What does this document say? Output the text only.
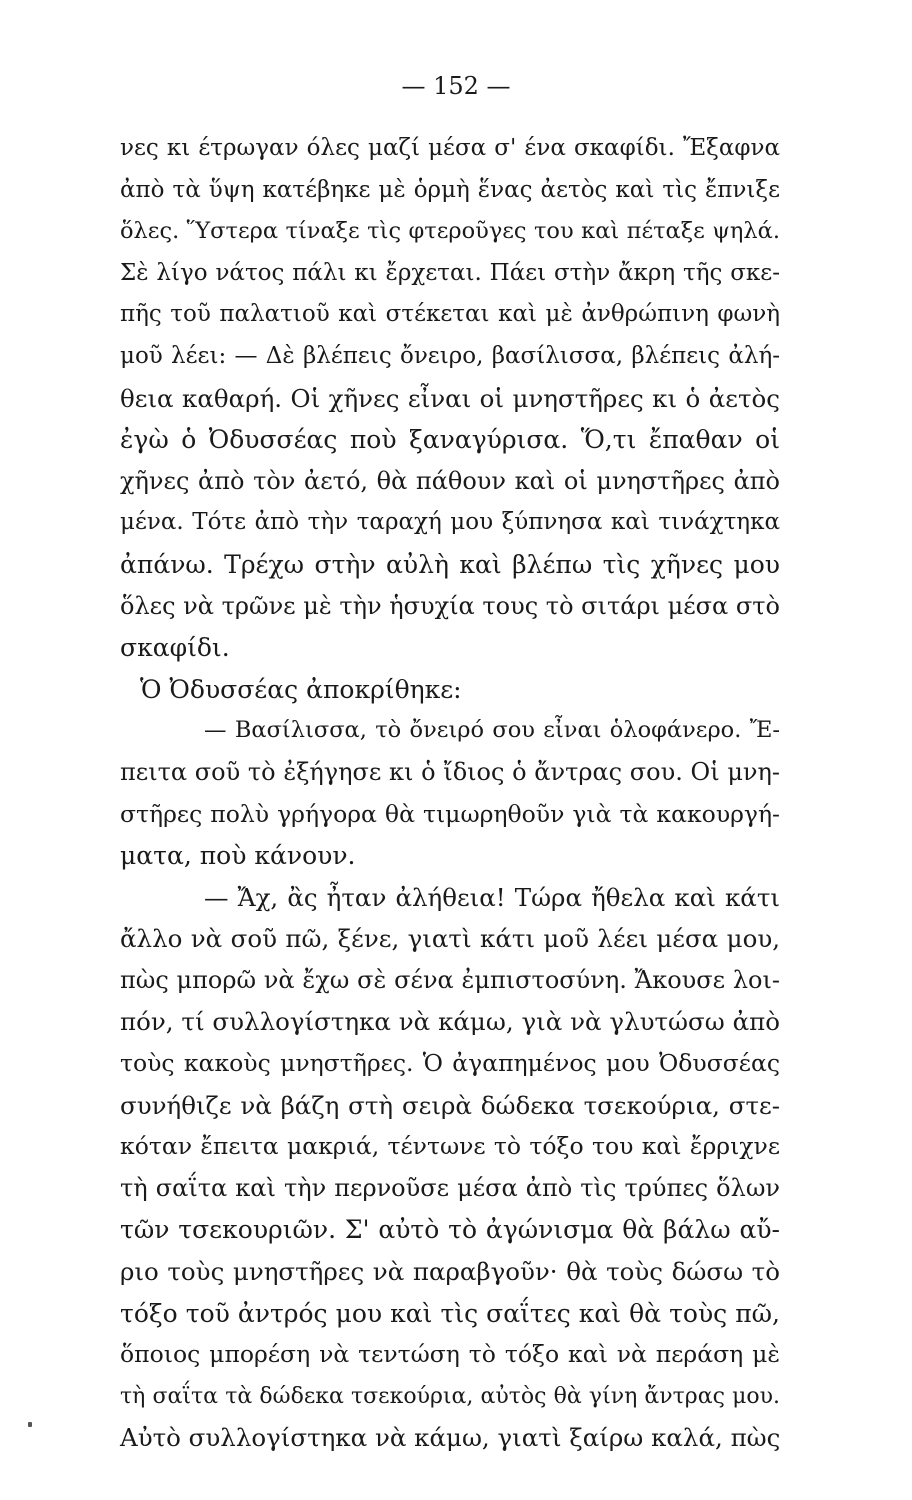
— 152 —
νες κι έτρωγαν όλες μαζί μέσα σ' ένα σκαφίδι. Ἔξαφνα
ἀπὸ τὰ ὕψη κατέβηκε μὲ ὁρμὴ ἕνας ἀετὸς καὶ τὶς ἔπνιξε
ὅλες. Ὕστερα τίναξε τὶς φτεροῦγες του καὶ πέταξε ψηλά.
Σὲ λίγο νάτος πάλι κι ἔρχεται. Πάει στὴν ἄκρη τῆς σκε-
πῆς τοῦ παλατιοῦ καὶ στέκεται καὶ μὲ ἀνθρώπινη φωνὴ
μοῦ λέει: — Δὲ βλέπεις ὄνειρο, βασίλισσα, βλέπεις ἀλή-
θεια καθαρή. Οἱ χῆνες εἶναι οἱ μνηστῆρες κι ὁ ἀετὸς
ἐγὼ ὁ Ὀδυσσέας ποὺ ξαναγύρισα. Ὅ,τι ἔπαθαν οἱ
χῆνες ἀπὸ τὸν ἀετό, θὰ πάθουν καὶ οἱ μνηστῆρες ἀπὸ
μένα. Τότε ἀπὸ τὴν ταραχή μου ξύπνησα καὶ τινάχτηκα
ἀπάνω. Τρέχω στὴν αὐλὴ καὶ βλέπω τὶς χῆνες μου
ὅλες νὰ τρῶνε μὲ τὴν ἡσυχία τους τὸ σιτάρι μέσα στὸ
σκαφίδι.
Ὁ Ὀδυσσέας ἀποκρίθηκε:
— Βασίλισσα, τὸ ὄνειρό σου εἶναι ὁλοφάνερο. Ἔ-
πειτα σοῦ τὸ ἐξήγησε κι ὁ ἴδιος ὁ ἄντρας σου. Οἱ μνη-
στῆρες πολὺ γρήγορα θὰ τιμωρηθοῦν γιὰ τὰ κακουργή-
ματα, ποὺ κάνουν.
— Ἄχ, ἂς ἦταν ἀλήθεια! Τώρα ἤθελα καὶ κάτι
ἄλλο νὰ σοῦ πῶ, ξένε, γιατὶ κάτι μοῦ λέει μέσα μου,
πὼς μπορῶ νὰ ἔχω σὲ σένα ἐμπιστοσύνη. Ἄκουσε λοι-
πόν, τί συλλογίστηκα νὰ κάμω, γιὰ νὰ γλυτώσω ἀπὸ
τοὺς κακοὺς μνηστῆρες. Ὁ ἀγαπημένος μου Ὀδυσσέας
συνήθιζε νὰ βάζη στὴ σειρὰ δώδεκα τσεκούρια, στε-
κόταν ἔπειτα μακριά, τέντωνε τὸ τόξο του καὶ ἔρριχνε
τὴ σαΐτα καὶ τὴν περνοῦσε μέσα ἀπὸ τὶς τρύπες ὅλων
τῶν τσεκουριῶν. Σ' αὐτὸ τὸ ἀγώνισμα θὰ βάλω αὔ-
ριο τοὺς μνηστῆρες νὰ παραβγοῦν· θὰ τοὺς δώσω τὸ
τόξο τοῦ ἀντρός μου καὶ τὶς σαΐτες καὶ θὰ τοὺς πῶ,
ὅποιος μπορέση νὰ τεντώση τὸ τόξο καὶ νὰ περάση μὲ
τὴ σαΐτα τὰ δώδεκα τσεκούρια, αὐτὸς θὰ γίνη ἄντρας μου.
Αὐτὸ συλλογίστηκα νὰ κάμω, γιατὶ ξαίρω καλά, πὼς
